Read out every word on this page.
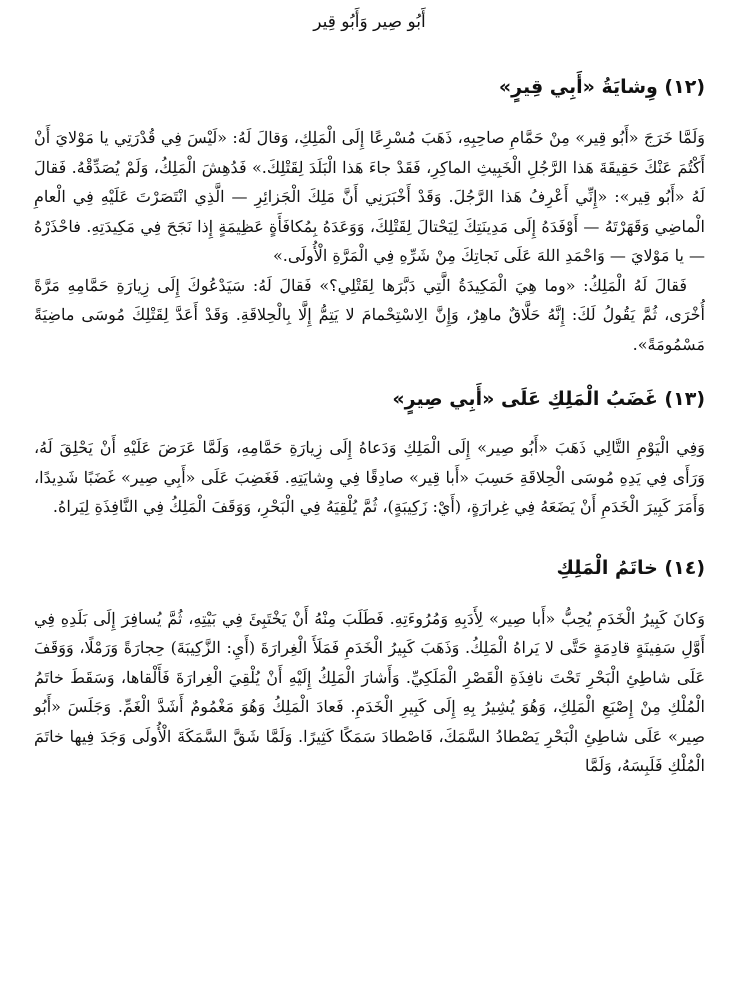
أَبُو صِير وَأَبُو قِير
(١٢) وِشايَةُ «أَبِي قِيرٍ»

وَلَمَّا خَرَجَ «أَبُو قِير» مِنْ حَمَّامِ صاحِبِهِ، ذَهَبَ مُسْرِعًا إِلَى الْمَلِكِ، وَقالَ لَهُ: «لَيْسَ فِي قُدْرَتِي يا مَوْلايَ أَنْ أَكْتُمَ عَنْكَ حَقِيقَةَ هَذا الرَّجُلِ الْخَبِيثِ الماكِرِ، فَقَدْ جاءَ هَذا الْبَلَدَ لِقَتْلِكَ.» فَدُهِشَ الْمَلِكُ، وَلَمْ يُصَدِّقْهُ. فَقالَ لَهُ «أَبُو قِير»: «إِنِّي أَعْرِفُ هَذا الرَّجُلَ. وَقَدْ أَخْبَرَنِي أَنَّ مَلِكَ الْجَزائِرِ — الَّذِي انْتَصَرْتَ عَلَيْهِ فِي الْعامِ الْماضِي وَقَهَرْتَهُ — أَوْفَدَهُ إِلَى مَدِينَتِكَ لِيَحْتالَ لِقَتْلِكَ، وَوَعَدَهُ بِمُكافَأَةٍ عَظِيمَةٍ إِذا نَجَحَ فِي مَكِيدَتِهِ. فاحْذَرْهُ — يا مَوْلايَ — وَاحْمَدِ اللهَ عَلَى نَجاتِكَ مِنْ شَرِّهِ فِي الْمَرَّةِ الْأُولَى.»

فَقالَ لَهُ الْمَلِكُ: «وما هِيَ الْمَكِيدَةُ الَّتِي دَبَّرَها لِقَتْلِي؟» فَقالَ لَهُ: سَيَدْعُوكَ إِلَى زِيارَةِ حَمَّامِهِ مَرَّةً أُخْرَى، ثُمَّ يَقُولُ لَكَ: إِنَّهُ حَلَّاقٌ ماهِرٌ، وَإِنَّ الِاسْتِحْمامَ لا يَتِمُّ إِلَّا بِالْحِلاقَةِ. وَقَدْ أَعَدَّ لِقَتْلِكَ مُوسَى ماضِيَةً مَسْمُومَةً».

(١٣) غَضَبُ الْمَلِكِ عَلَى «أَبِي صِيرٍ»

وَفِي الْيَوْمِ التَّالِي ذَهَبَ «أَبُو صِير» إِلَى الْمَلِكِ وَدَعاهُ إِلَى زِيارَةِ حَمَّامِهِ، وَلَمَّا عَرَضَ عَلَيْهِ أَنْ يَحْلِقَ لَهُ، وَرَأَى فِي يَدِهِ مُوسَى الْحِلاقَةِ حَسِبَ «أَبا قِير» صادِقًا فِي وِشايَتِهِ. فَغَضِبَ عَلَى «أَبِي صِير» غَضَبًا شَدِيدًا، وَأَمَرَ كَبِيرَ الْخَدَمِ أَنْ يَضَعَهُ فِي غِرارَةٍ، (أَيْ: زَكِيبَةٍ)، ثُمَّ يُلْقِيَهُ فِي الْبَحْرِ، وَوَقَفَ الْمَلِكُ فِي النَّافِذَةِ لِيَراهُ.

(١٤) خاتَمُ الْمَلِكِ

وَكانَ كَبِيرُ الْخَدَمِ يُحِبُّ «أَبا صِير» لِأَدَبِهِ وَمُرُوءَتِهِ. فَطَلَبَ مِنْهُ أَنْ يَخْتَبِئَ فِي بَيْتِهِ، ثُمَّ يُسافِرَ إِلَى بَلَدِهِ فِي أَوَّلِ سَفِينَةٍ قادِمَةٍ حَتَّى لا يَراهُ الْمَلِكُ. وَذَهَبَ كَبِيرُ الْخَدَمِ فَمَلَأَ الْغِرارَةَ (أَيِ: الزَّكِيبَةَ) حِجارَةً وَرَمْلًا، وَوَقَفَ عَلَى شاطِئِ الْبَحْرِ تَحْتَ نافِذَةِ الْقَصْرِ الْمَلَكِيِّ. وَأَشارَ الْمَلِكُ إِلَيْهِ أَنْ يُلْقِيَ الْغِرارَةَ فَأَلْقاها، وَسَقَطَ خاتَمُ الْمُلْكِ مِنْ إِصْبَعِ الْمَلِكِ، وَهُوَ يُشِيرُ بِهِ إِلَى كَبِيرِ الْخَدَمِ. فَعادَ الْمَلِكُ وَهُوَ مَغْمُومٌ أَشَدَّ الْغَمِّ. وَجَلَسَ «أَبُو صِير» عَلَى شاطِئِ الْبَحْرِ يَصْطادُ السَّمَكَ، فَاصْطادَ سَمَكًا كَثِيرًا. وَلَمَّا شَقَّ السَّمَكَةَ الْأُولَى وَجَدَ فِيها خاتَمَ الْمُلْكِ فَلَبِسَهُ، وَلَمَّا
